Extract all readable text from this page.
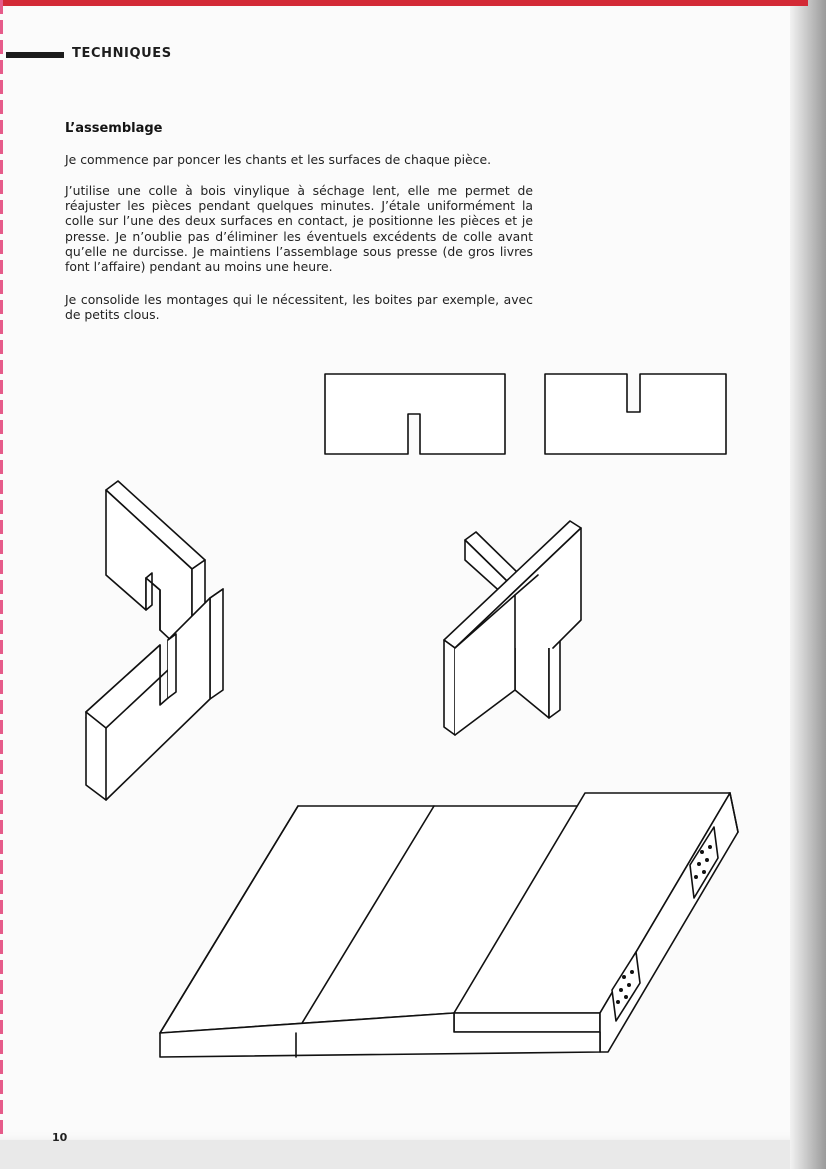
TECHNIQUES
L’assemblage
Je commence par poncer les chants et les surfaces de chaque pièce.
J’utilise une colle à bois vinylique à séchage lent, elle me permet de réajuster les pièces pendant quelques minutes. J’étale uniformément la colle sur l’une des deux surfaces en contact, je positionne les pièces et je presse. Je n’oublie pas d’éliminer les éventuels excédents de colle avant qu’elle ne durcisse. Je maintiens l’assemblage sous presse (de gros livres font l’affaire) pendant au moins une heure.
Je consolide les montages qui le nécessitent, les boites par exemple, avec de petits clous.
10
